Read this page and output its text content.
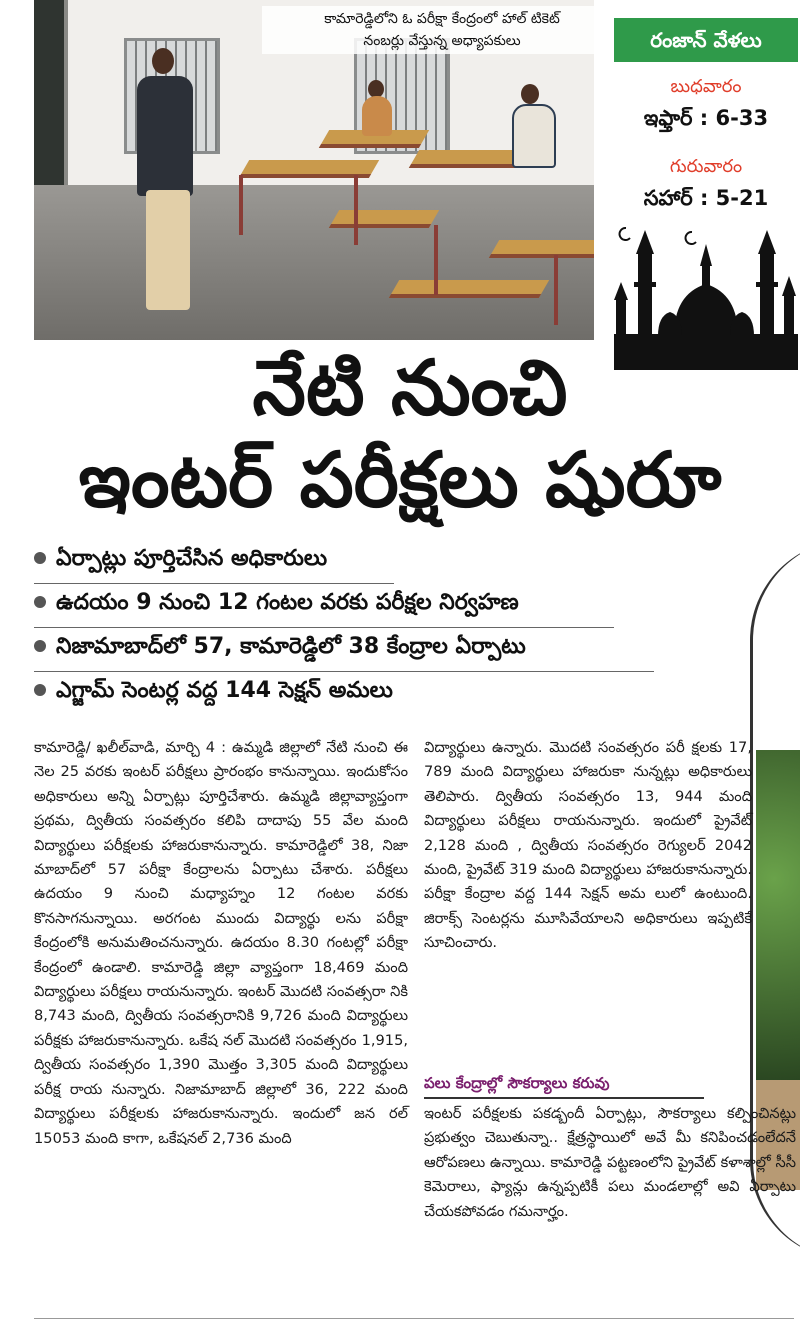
కామారెడ్డిలోని ఓ పరీక్షా కేంద్రంలో హాల్ టికెట్
నంబర్లు వేస్తున్న అధ్యాపకులు	రంజాన్ వేళలు
బుధవారం
ఇఫ్తార్ : 6-33
గురువారం
సహార్ : 5-21
నేటి నుంచి
ఇంటర్ పరీక్షలు షురూ
ఏర్పాట్లు పూర్తిచేసిన అధికారులు
ఉదయం 9 నుంచి 12 గంటల వరకు పరీక్షల నిర్వహణ
నిజామాబాద్‌లో 57, కామారెడ్డిలో 38 కేంద్రాల ఏర్పాటు
ఎగ్జామ్ సెంటర్ల వద్ద 144 సెక్షన్ అమలు

కామారెడ్డి/ ఖలీల్‌వాడి, మార్చి 4 : ఉమ్మడి జిల్లాలో నేటి నుంచి ఈ నెల 25 వరకు ఇంటర్ పరీక్షలు ప్రారంభం కానున్నాయి. ఇందుకోసం అధికారులు అన్ని ఏర్పాట్లు పూర్తిచేశారు. ఉమ్మడి జిల్లావ్యాప్తంగా ప్రథమ, ద్వితీయ సంవత్సరం కలిపి దాదాపు 55 వేల మంది విద్యార్థులు పరీక్షలకు హాజరుకానున్నారు. కామారెడ్డిలో 38, నిజా మాబాద్‌లో 57 పరీక్షా కేంద్రాలను ఏర్పాటు చేశారు. పరీక్షలు ఉదయం 9 నుంచి మధ్యాహ్నం 12 గంటల వరకు కొనసాగనున్నాయి. అరగంట ముందు విద్యార్థు లను పరీక్షా కేంద్రంలోకి అనుమతించనున్నారు. ఉదయం 8.30 గంటల్లో పరీక్షా కేంద్రంలో ఉండాలి. కామారెడ్డి జిల్లా వ్యాప్తంగా 18,469 మంది విద్యార్థులు పరీక్షలు రాయనున్నారు. ఇంటర్ మొదటి సంవత్సరా నికి 8,743 మంది, ద్వితీయ సంవత్సరానికి 9,726 మంది విద్యార్థులు పరీక్షకు హాజరుకానున్నారు. ఒకేష నల్ మొదటి సంవత్సరం 1,915, ద్వితీయ సంవత్సరం 1,390 మొత్తం 3,305 మంది విద్యార్థులు పరీక్ష రాయ నున్నారు. నిజామాబాద్ జిల్లాలో 36, 222 మంది విద్యార్థులు పరీక్షలకు హాజరుకానున్నారు. ఇందులో జన రల్ 15053 మంది కాగా, ఒకేషనల్ 2,736 మంది

విద్యార్థులు ఉన్నారు. మొదటి సంవత్సరం పరీ క్షలకు 17, 789 మంది విద్యార్థులు హాజరుకా నున్నట్లు అధికారులు తెలిపారు. ద్వితీయ సంవత్సరం 13, 944 మంది విద్యార్థులు పరీక్షలు రాయనున్నారు. ఇందులో ప్రైవేట్ 2,128 మంది , ద్వితీయ సంవత్సరం రెగ్యులర్ 2042 మంది, ప్రైవేట్ 319 మంది విద్యార్థులు హాజరుకానున్నారు. పరీక్షా కేంద్రాల వద్ద 144 సెక్షన్ అమ లులో ఉంటుంది. జిరాక్స్ సెంటర్లను మూసివేయాలని అధికారులు ఇప్పటికే సూచించారు.

పలు కేంద్రాల్లో సౌకర్యాలు కరువు

ఇంటర్ పరీక్షలకు పకడ్బందీ ఏర్పాట్లు, సౌకర్యాలు కల్పించినట్లు ప్రభుత్వం చెబుతున్నా.. క్షేత్రస్థాయిలో అవే మీ కనిపించడంలేదనే ఆరోపణలు ఉన్నాయి. కామారెడ్డి పట్టణంలోని ప్రైవేట్ కళాశాల్లో సీసీ కెమెరాలు, ఫ్యాన్లు ఉన్నప్పటికీ పలు మండలాల్లో అవి ఏర్పాటు చేయకపోవడం గమనార్హం.
